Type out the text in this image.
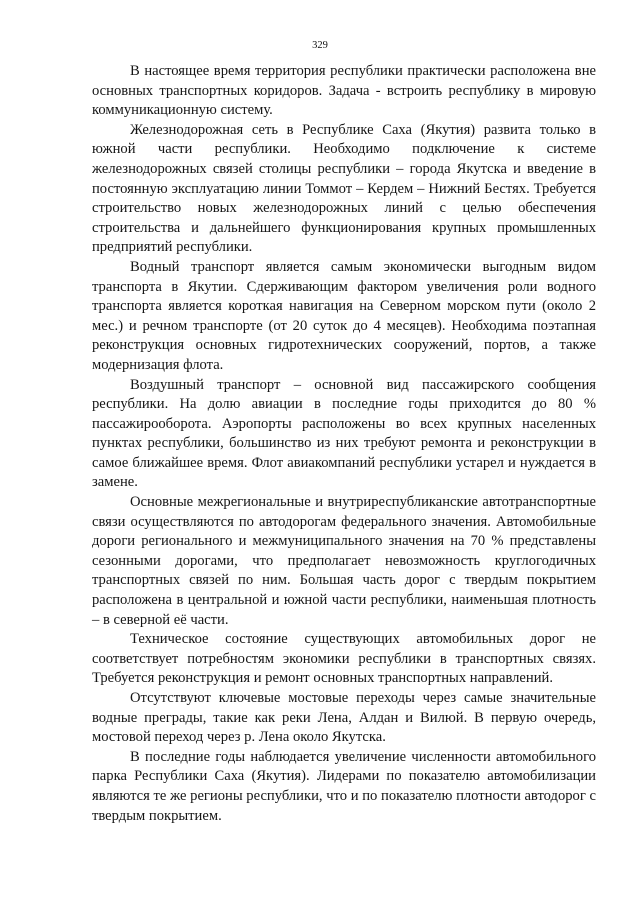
329

В настоящее время территория республики практически расположена вне основных транспортных коридоров. Задача - встроить республику в мировую коммуникационную систему.

Железнодорожная сеть в Республике Саха (Якутия) развита только в южной части республики. Необходимо подключение к системе железнодорожных связей столицы республики – города Якутска и введение в постоянную эксплуатацию линии Томмот – Кердем – Нижний Бестях. Требуется строительство новых железнодорожных линий с целью обеспечения строительства и дальнейшего функционирования крупных промышленных предприятий республики.

Водный транспорт является самым экономически выгодным видом транспорта в Якутии. Сдерживающим фактором увеличения роли водного транспорта является короткая навигация на Северном морском пути (около 2 мес.) и речном транспорте (от 20 суток до 4 месяцев). Необходима поэтапная реконструкция основных гидротехнических сооружений, портов, а также модернизация флота.

Воздушный транспорт – основной вид пассажирского сообщения республики. На долю авиации в последние годы приходится до 80 % пассажирооборота. Аэропорты расположены во всех крупных населенных пунктах республики, большинство из них требуют ремонта и реконструкции в самое ближайшее время. Флот авиакомпаний республики устарел и нуждается в замене.

Основные межрегиональные и внутриреспубликанские автотранспортные связи осуществляются по автодорогам федерального значения. Автомобильные дороги регионального и межмуниципального значения на 70 % представлены сезонными дорогами, что предполагает невозможность круглогодичных транспортных связей по ним. Большая часть дорог с твердым покрытием расположена в центральной и южной части республики, наименьшая плотность – в северной её части.

Техническое состояние существующих автомобильных дорог не соответствует потребностям экономики республики в транспортных связях. Требуется реконструкция и ремонт основных транспортных направлений.

Отсутствуют ключевые мостовые переходы через самые значительные водные преграды, такие как реки Лена, Алдан и Вилюй. В первую очередь, мостовой переход через р. Лена около Якутска.

В последние годы наблюдается увеличение численности автомобильного парка Республики Саха (Якутия). Лидерами по показателю автомобилизации являются те же регионы республики, что и по показателю плотности автодорог с твердым покрытием.
